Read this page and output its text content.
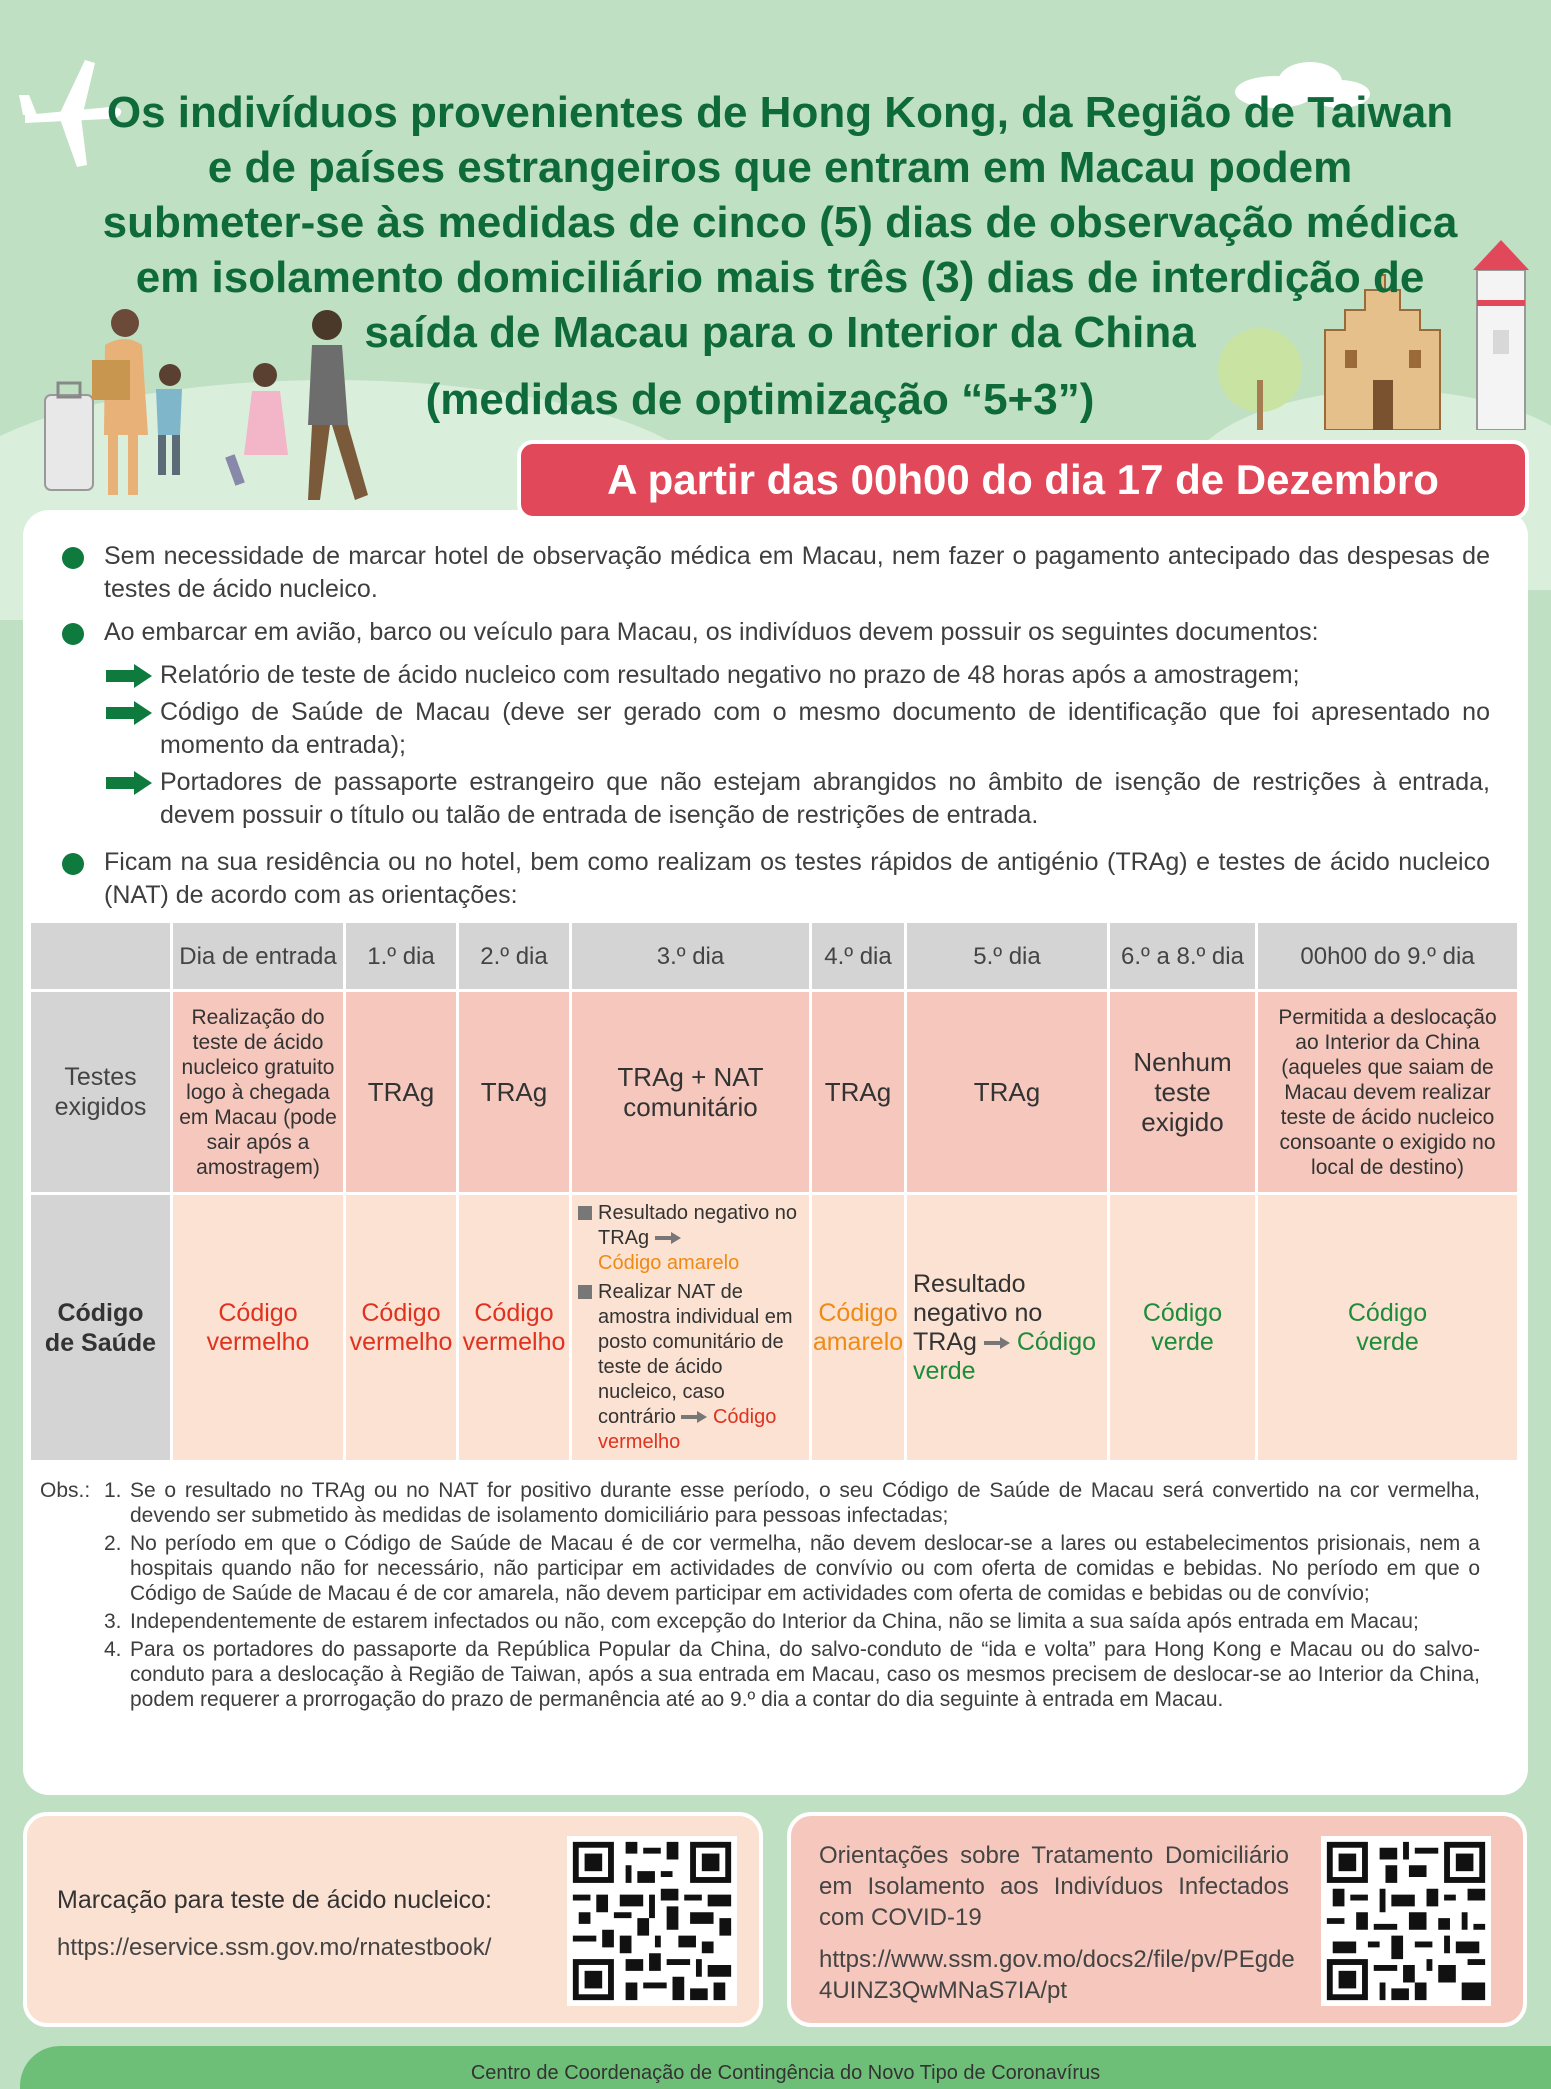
Os indivíduos provenientes de Hong Kong, da Região de Taiwan
e de países estrangeiros que entram em Macau podem
submeter-se às medidas de cinco (5) dias de observação médica
em isolamento domiciliário mais três (3) dias de interdição de
saída de Macau para o Interior da China
(medidas de optimização “5+3”)
A partir das 00h00 do dia 17 de Dezembro
Sem necessidade de marcar hotel de observação médica em Macau, nem fazer o pagamento antecipado das despesas de testes de ácido nucleico.
Ao embarcar em avião, barco ou veículo para Macau, os indivíduos devem possuir os seguintes documentos:
Relatório de teste de ácido nucleico com resultado negativo no prazo de 48 horas após a amostragem;
Código de Saúde de Macau (deve ser gerado com o mesmo documento de identificação que foi apresentado no momento da entrada);
Portadores de passaporte estrangeiro que não estejam abrangidos no âmbito de isenção de restrições à entrada, devem possuir o título ou talão de entrada de isenção de restrições de entrada.
Ficam na sua residência ou no hotel, bem como realizam os testes rápidos de antigénio (TRAg) e testes de ácido nucleico (NAT) de acordo com as orientações:
	Dia de entrada	1.º dia	2.º dia	3.º dia	4.º dia	5.º dia	6.º a 8.º dia	00h00 do 9.º dia
Testes exigidos	Realização do teste de ácido nucleico gratuito logo à chegada em Macau (pode sair após a amostragem)	TRAg	TRAg	TRAg + NAT comunitário	TRAg	TRAg	Nenhum teste exigido	Permitida a deslocação ao Interior da China (aqueles que saiam de Macau devem realizar teste de ácido nucleico consoante o exigido no local de destino)
Código de Saúde	Código vermelho	Código vermelho	Código vermelho	Resultado negativo no TRAg
Código amarelo
Realizar NAT de amostra individual em posto comunitário de teste de ácido nucleico, caso contrário Código vermelho	Código amarelo	Resultado negativo no TRAg Código verde	Código verde	Código verde
Obs.: 1. Se o resultado no TRAg ou no NAT for positivo durante esse período, o seu Código de Saúde de Macau será convertido na cor vermelha, devendo ser submetido às medidas de isolamento domiciliário para pessoas infectadas;
2. No período em que o Código de Saúde de Macau é de cor vermelha, não devem deslocar-se a lares ou estabelecimentos prisionais, nem a hospitais quando não for necessário, não participar em actividades de convívio ou com oferta de comidas e bebidas. No período em que o Código de Saúde de Macau é de cor amarela, não devem participar em actividades com oferta de comidas e bebidas ou de convívio;
3. Independentemente de estarem infectados ou não, com excepção do Interior da China, não se limita a sua saída após entrada em Macau;
4. Para os portadores do passaporte da República Popular da China, do salvo-conduto de “ida e volta” para Hong Kong e Macau ou do salvo-conduto para a deslocação à Região de Taiwan, após a sua entrada em Macau, caso os mesmos precisem de deslocar-se ao Interior da China, podem requerer a prorrogação do prazo de permanência até ao 9.º dia a contar do dia seguinte à entrada em Macau.
Marcação para teste de ácido nucleico:
https://eservice.ssm.gov.mo/rnatestbook/
Orientações sobre Tratamento Domiciliário em Isolamento aos Indivíduos Infectados com COVID-19
https://www.ssm.gov.mo/docs2/file/pv/PEgde4UINZ3QwMNaS7IA/pt
Centro de Coordenação de Contingência do Novo Tipo de Coronavírus
